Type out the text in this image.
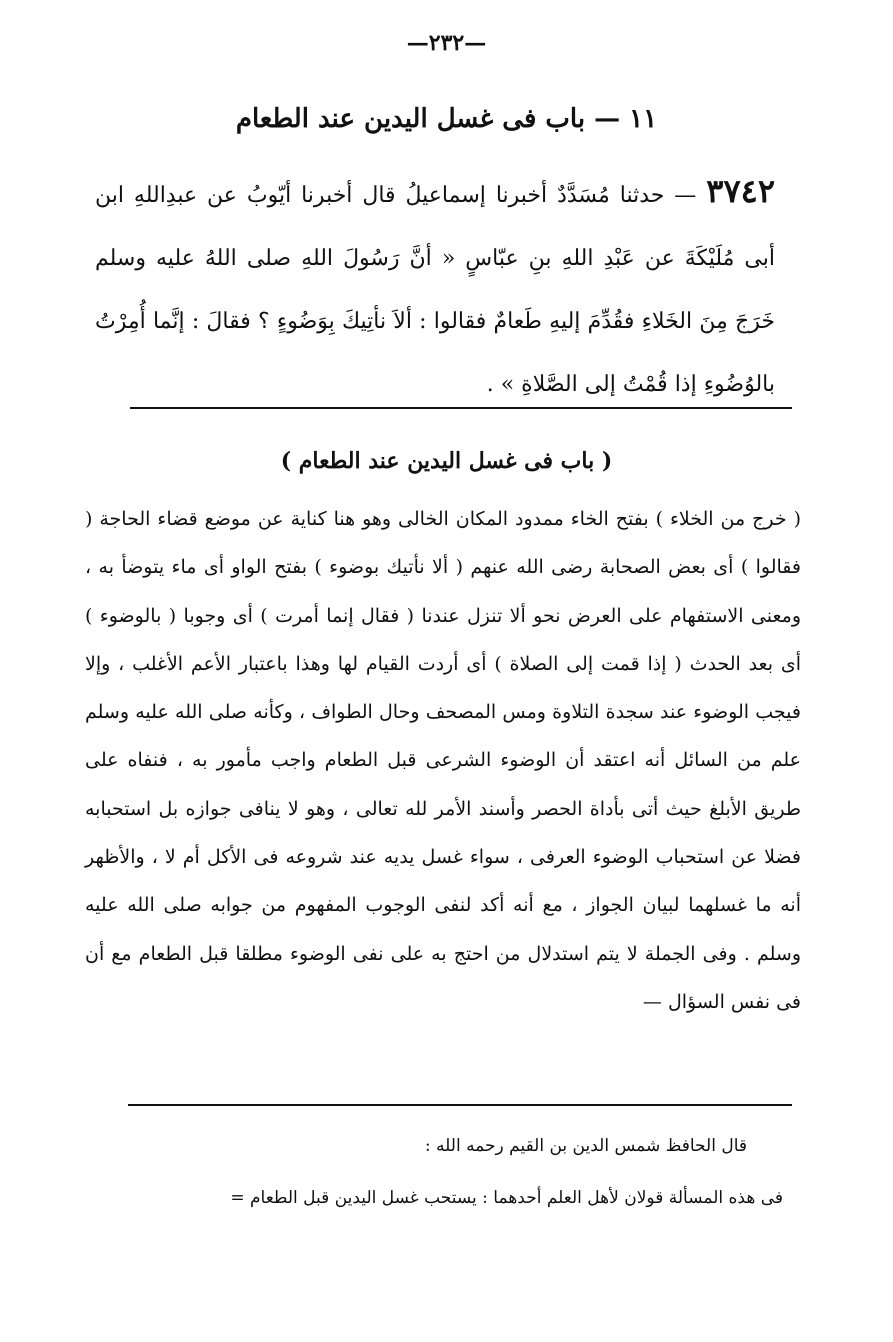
—٢٣٢—
١١ — باب فى غسل اليدين عند الطعام
٣٧٤٢ — حدثنا مُسَدَّدٌ أخبرنا إسماعيلُ قال أخبرنا أيّوبُ عن عبدِاللهِ ابن أبى مُلَيْكَةَ عن عَبْدِ اللهِ بنِ عبّاسٍ « أنَّ رَسُولَ اللهِ صلى اللهُ عليه وسلم خَرَجَ مِنَ الخَلاءِ فقُدِّمَ إليهِ طَعامٌ فقالوا : ألاَ نأتِيكَ بِوَضُوءٍ ؟ فقالَ : إنَّما أُمِرْتُ بالوُضُوءِ إذا قُمْتُ إلى الصَّلاةِ » .
( باب فى غسل اليدين عند الطعام )
( خرج من الخلاء ) بفتح الخاء ممدود المكان الخالى وهو هنا كناية عن موضع قضاء الحاجة ( فقالوا ) أى بعض الصحابة رضى الله عنهم ( ألا نأتيك بوضوء ) بفتح الواو أى ماء يتوضأ به ، ومعنى الاستفهام على العرض نحو ألا تنزل عندنا ( فقال إنما أمرت ) أى وجوبا ( بالوضوء ) أى بعد الحدث ( إذا قمت إلى الصلاة ) أى أردت القيام لها وهذا باعتبار الأعم الأغلب ، وإلا فيجب الوضوء عند سجدة التلاوة ومس المصحف وحال الطواف ، وكأنه صلى الله عليه وسلم علم من السائل أنه اعتقد أن الوضوء الشرعى قبل الطعام واجب مأمور به ، فنفاه على طريق الأبلغ حيث أتى بأداة الحصر وأسند الأمر لله تعالى ، وهو لا ينافى جوازه بل استحبابه فضلا عن استحباب الوضوء العرفى ، سواء غسل يديه عند شروعه فى الأكل أم لا ، والأظهر أنه ما غسلهما لبيان الجواز ، مع أنه أكد لنفى الوجوب المفهوم من جوابه صلى الله عليه وسلم . وفى الجملة لا يتم استدلال من احتج به على نفى الوضوء مطلقا قبل الطعام مع أن فى نفس السؤال —

قال الحافظ شمس الدين بن القيم رحمه الله :

فى هذه المسألة قولان لأهل العلم أحدهما : يستحب غسل اليدين قبل الطعام =
